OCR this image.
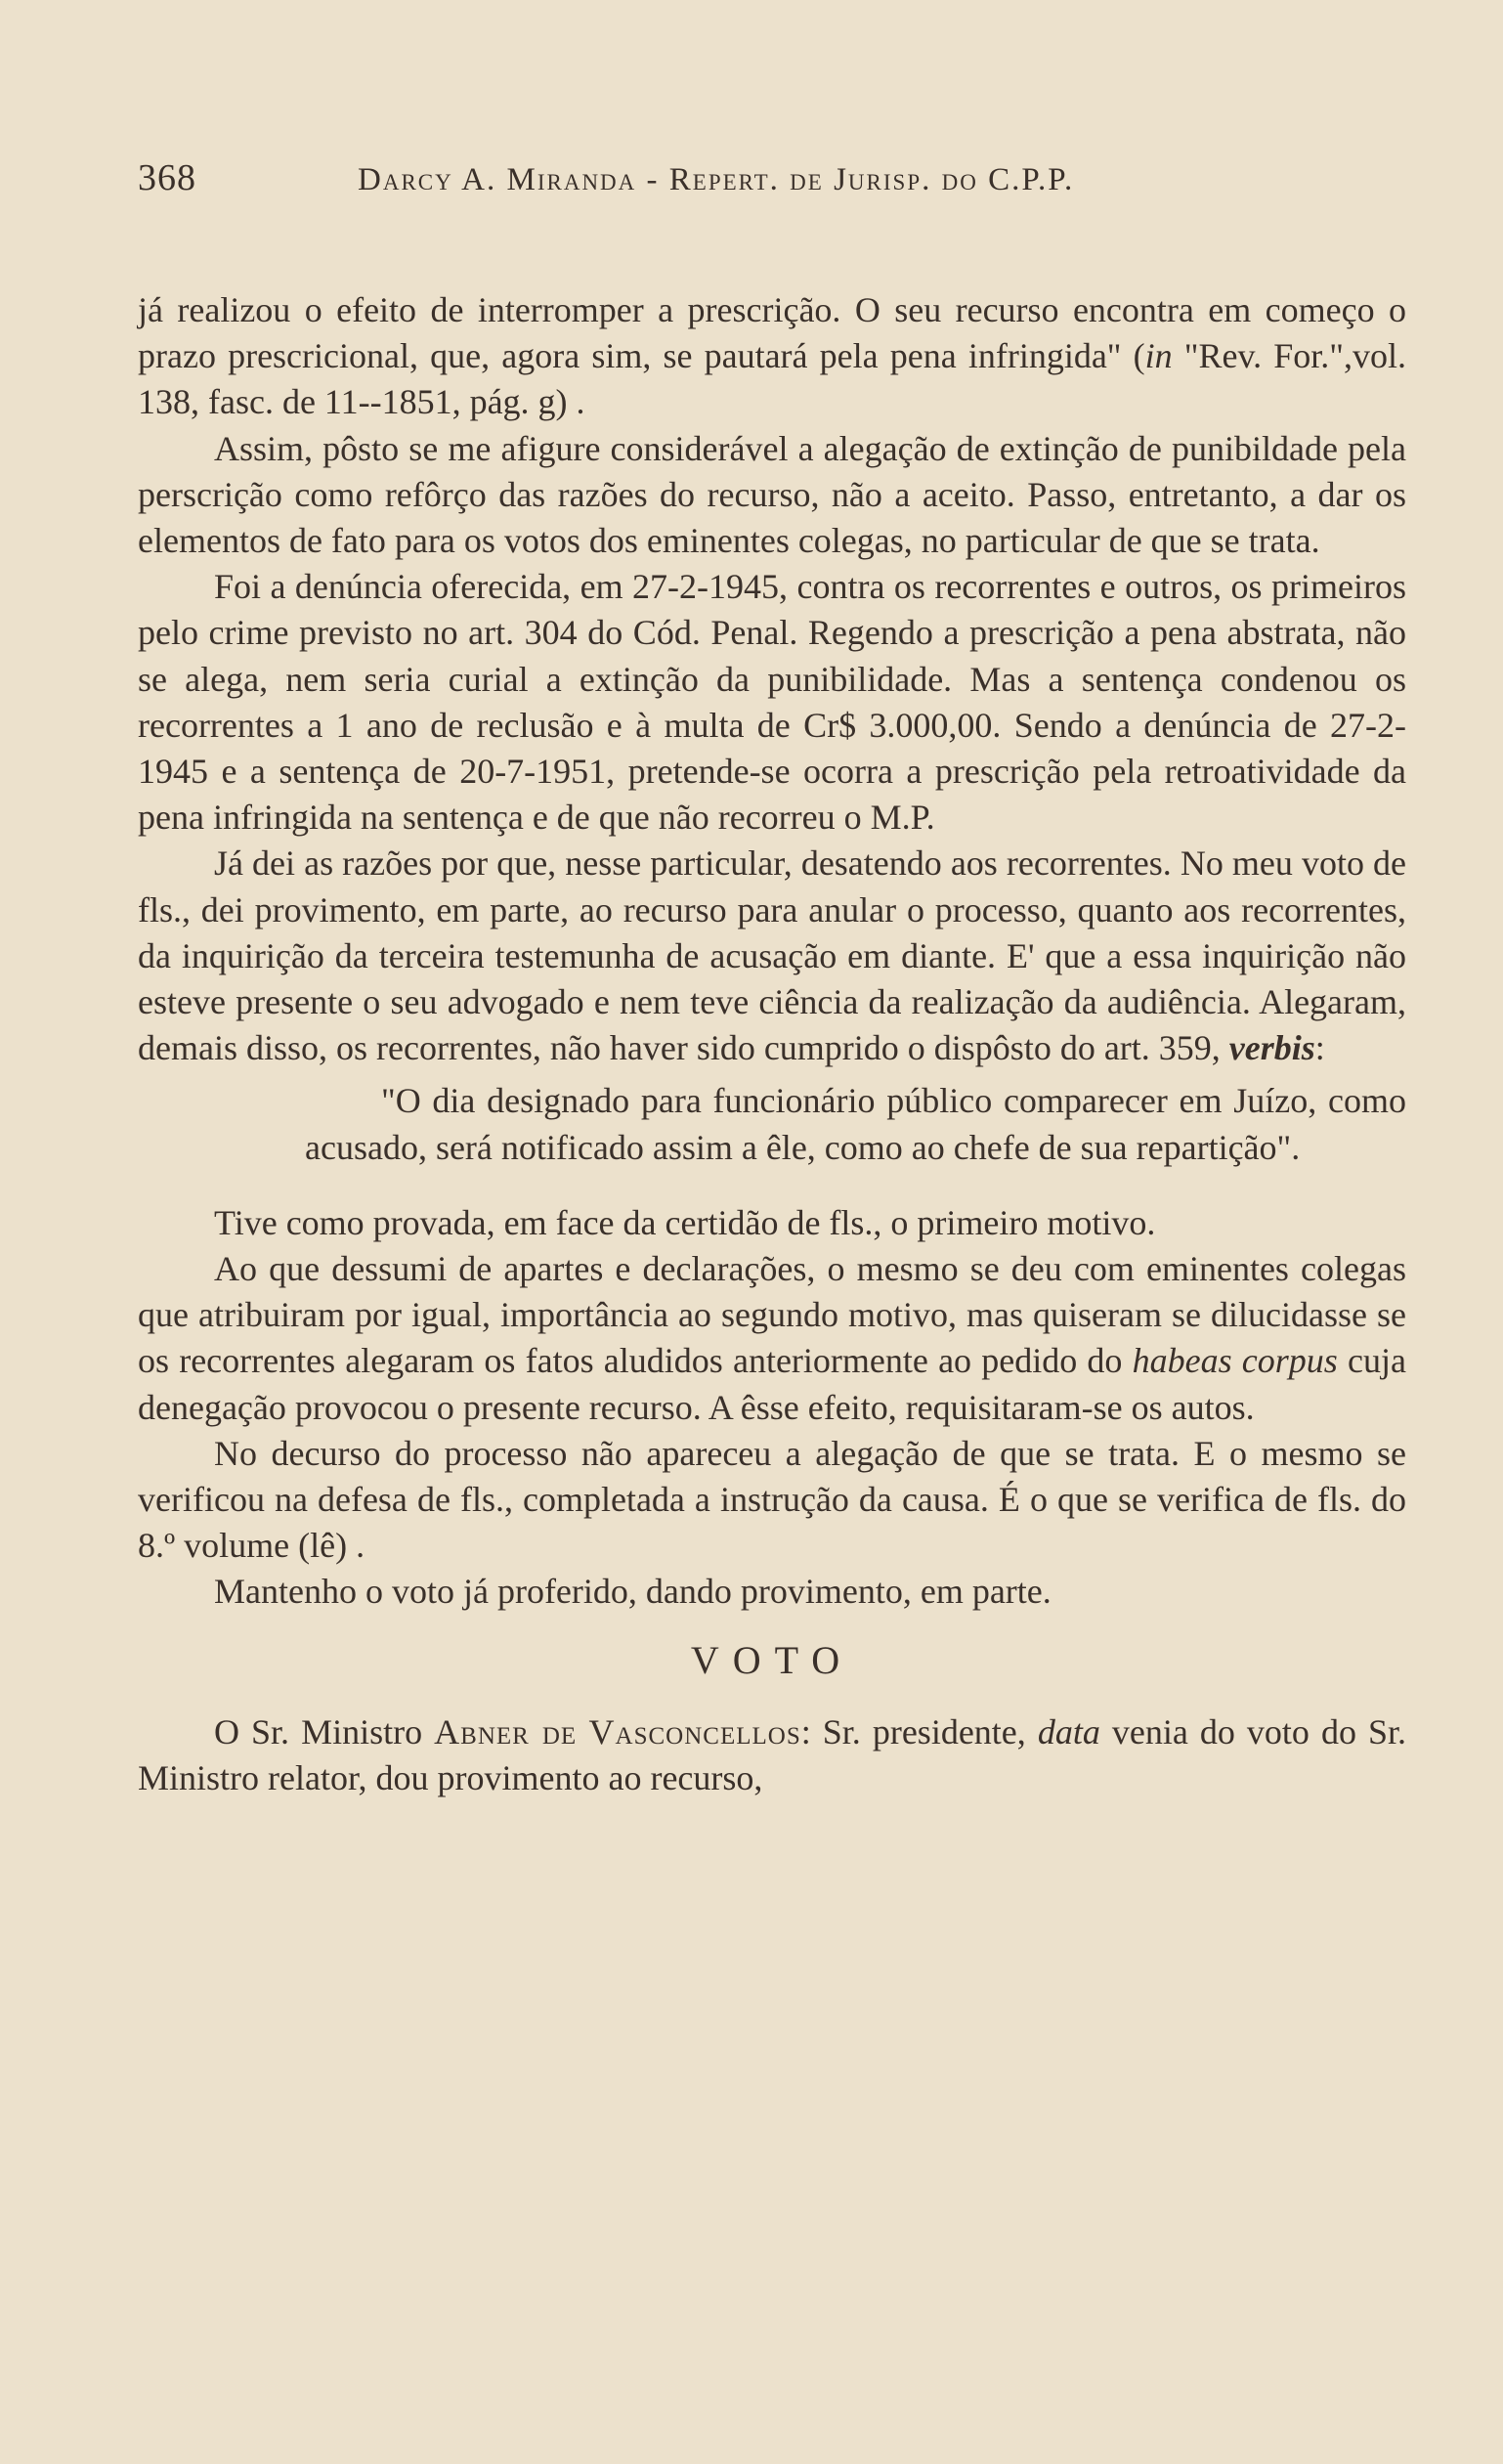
368	Darcy A. Miranda - Repert. de Jurisp. do C.P.P.

já realizou o efeito de interromper a prescrição. O seu recurso encontra em começo o prazo prescricional, que, agora sim, se pautará pela pena infringida" (in "Rev. For.",vol. 138, fasc. de 11--1851, pág. g) .

Assim, pôsto se me afigure considerável a alegação de extinção de punibildade pela perscrição como refôrço das razões do recurso, não a aceito. Passo, entretanto, a dar os elementos de fato para os votos dos eminentes colegas, no particular de que se trata.

Foi a denúncia oferecida, em 27-2-1945, contra os recorrentes e outros, os primeiros pelo crime previsto no art. 304 do Cód. Penal. Regendo a prescrição a pena abstrata, não se alega, nem seria curial a extinção da punibilidade. Mas a sentença condenou os recorrentes a 1 ano de reclusão e à multa de Cr$ 3.000,00. Sendo a denúncia de 27-2-1945 e a sentença de 20-7-1951, pretende-se ocorra a prescrição pela retroatividade da pena infringida na sentença e de que não recorreu o M.P.

Já dei as razões por que, nesse particular, desatendo aos recorrentes. No meu voto de fls., dei provimento, em parte, ao recurso para anular o processo, quanto aos recorrentes, da inquirição da terceira testemunha de acusação em diante. E' que a essa inquirição não esteve presente o seu advogado e nem teve ciência da realização da audiência. Alegaram, demais disso, os recorrentes, não haver sido cumprido o dispôsto do art. 359, verbis:

"O dia designado para funcionário público comparecer em Juízo, como acusado, será notificado assim a êle, como ao chefe de sua repartição".

Tive como provada, em face da certidão de fls., o primeiro motivo.

Ao que dessumi de apartes e declarações, o mesmo se deu com eminentes colegas que atribuiram por igual, importância ao segundo motivo, mas quiseram se dilucidasse se os recorrentes alegaram os fatos aludidos anteriormente ao pedido do habeas corpus cuja denegação provocou o presente recurso. A êsse efeito, requisitaram-se os autos.

No decurso do processo não apareceu a alegação de que se trata. E o mesmo se verificou na defesa de fls., completada a instrução da causa. É o que se verifica de fls. do 8.º volume (lê) .

Mantenho o voto já proferido, dando provimento, em parte.

VOTO

O Sr. Ministro Abner de Vasconcellos: Sr. presidente, data venia do voto do Sr. Ministro relator, dou provimento ao recurso,
